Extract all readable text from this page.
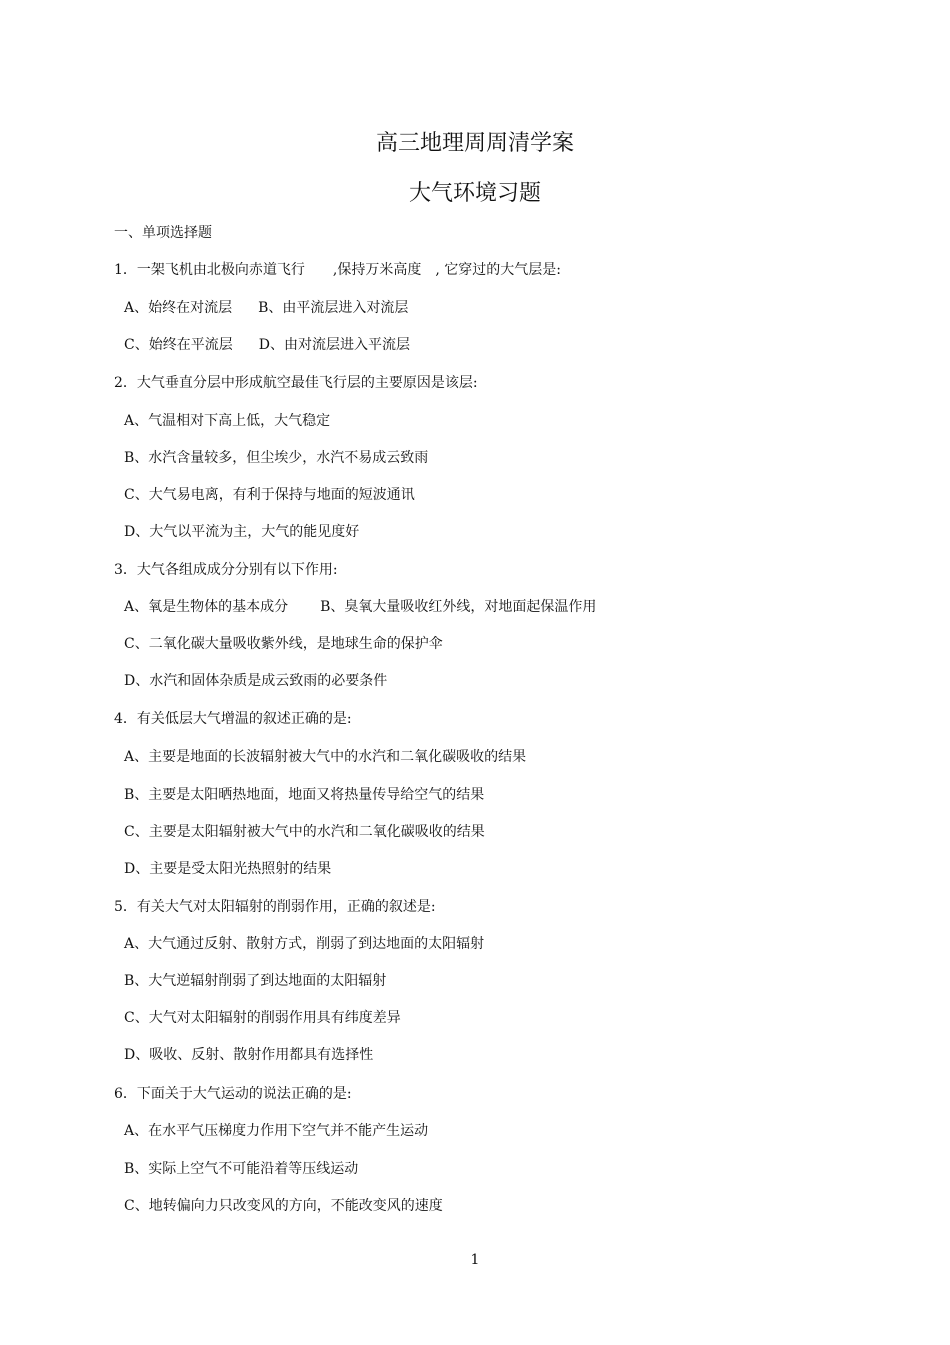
高三地理周周清学案
大气环境习题
一、单项选择题
1．一架飞机由北极向赤道飞行　　,保持万米高度　, 它穿过的大气层是:
A、始终在对流层 B、由平流层进入对流层
C、始终在平流层 D、由对流层进入平流层
2．大气垂直分层中形成航空最佳飞行层的主要原因是该层:
A、气温相对下高上低，大气稳定
B、水汽含量较多，但尘埃少，水汽不易成云致雨
C、大气易电离，有利于保持与地面的短波通讯
D、大气以平流为主，大气的能见度好
3．大气各组成成分分别有以下作用:
A、氧是生物体的基本成分 B、臭氧大量吸收红外线，对地面起保温作用
C、二氧化碳大量吸收紫外线，是地球生命的保护伞
D、水汽和固体杂质是成云致雨的必要条件
4．有关低层大气增温的叙述正确的是:
A、主要是地面的长波辐射被大气中的水汽和二氧化碳吸收的结果
B、主要是太阳晒热地面，地面又将热量传导给空气的结果
C、主要是太阳辐射被大气中的水汽和二氧化碳吸收的结果
D、主要是受太阳光热照射的结果
5．有关大气对太阳辐射的削弱作用，正确的叙述是:
A、大气通过反射、散射方式，削弱了到达地面的太阳辐射
B、大气逆辐射削弱了到达地面的太阳辐射
C、大气对太阳辐射的削弱作用具有纬度差异
D、吸收、反射、散射作用都具有选择性
6．下面关于大气运动的说法正确的是:
A、在水平气压梯度力作用下空气并不能产生运动
B、实际上空气不可能沿着等压线运动
C、地转偏向力只改变风的方向，不能改变风的速度
1
